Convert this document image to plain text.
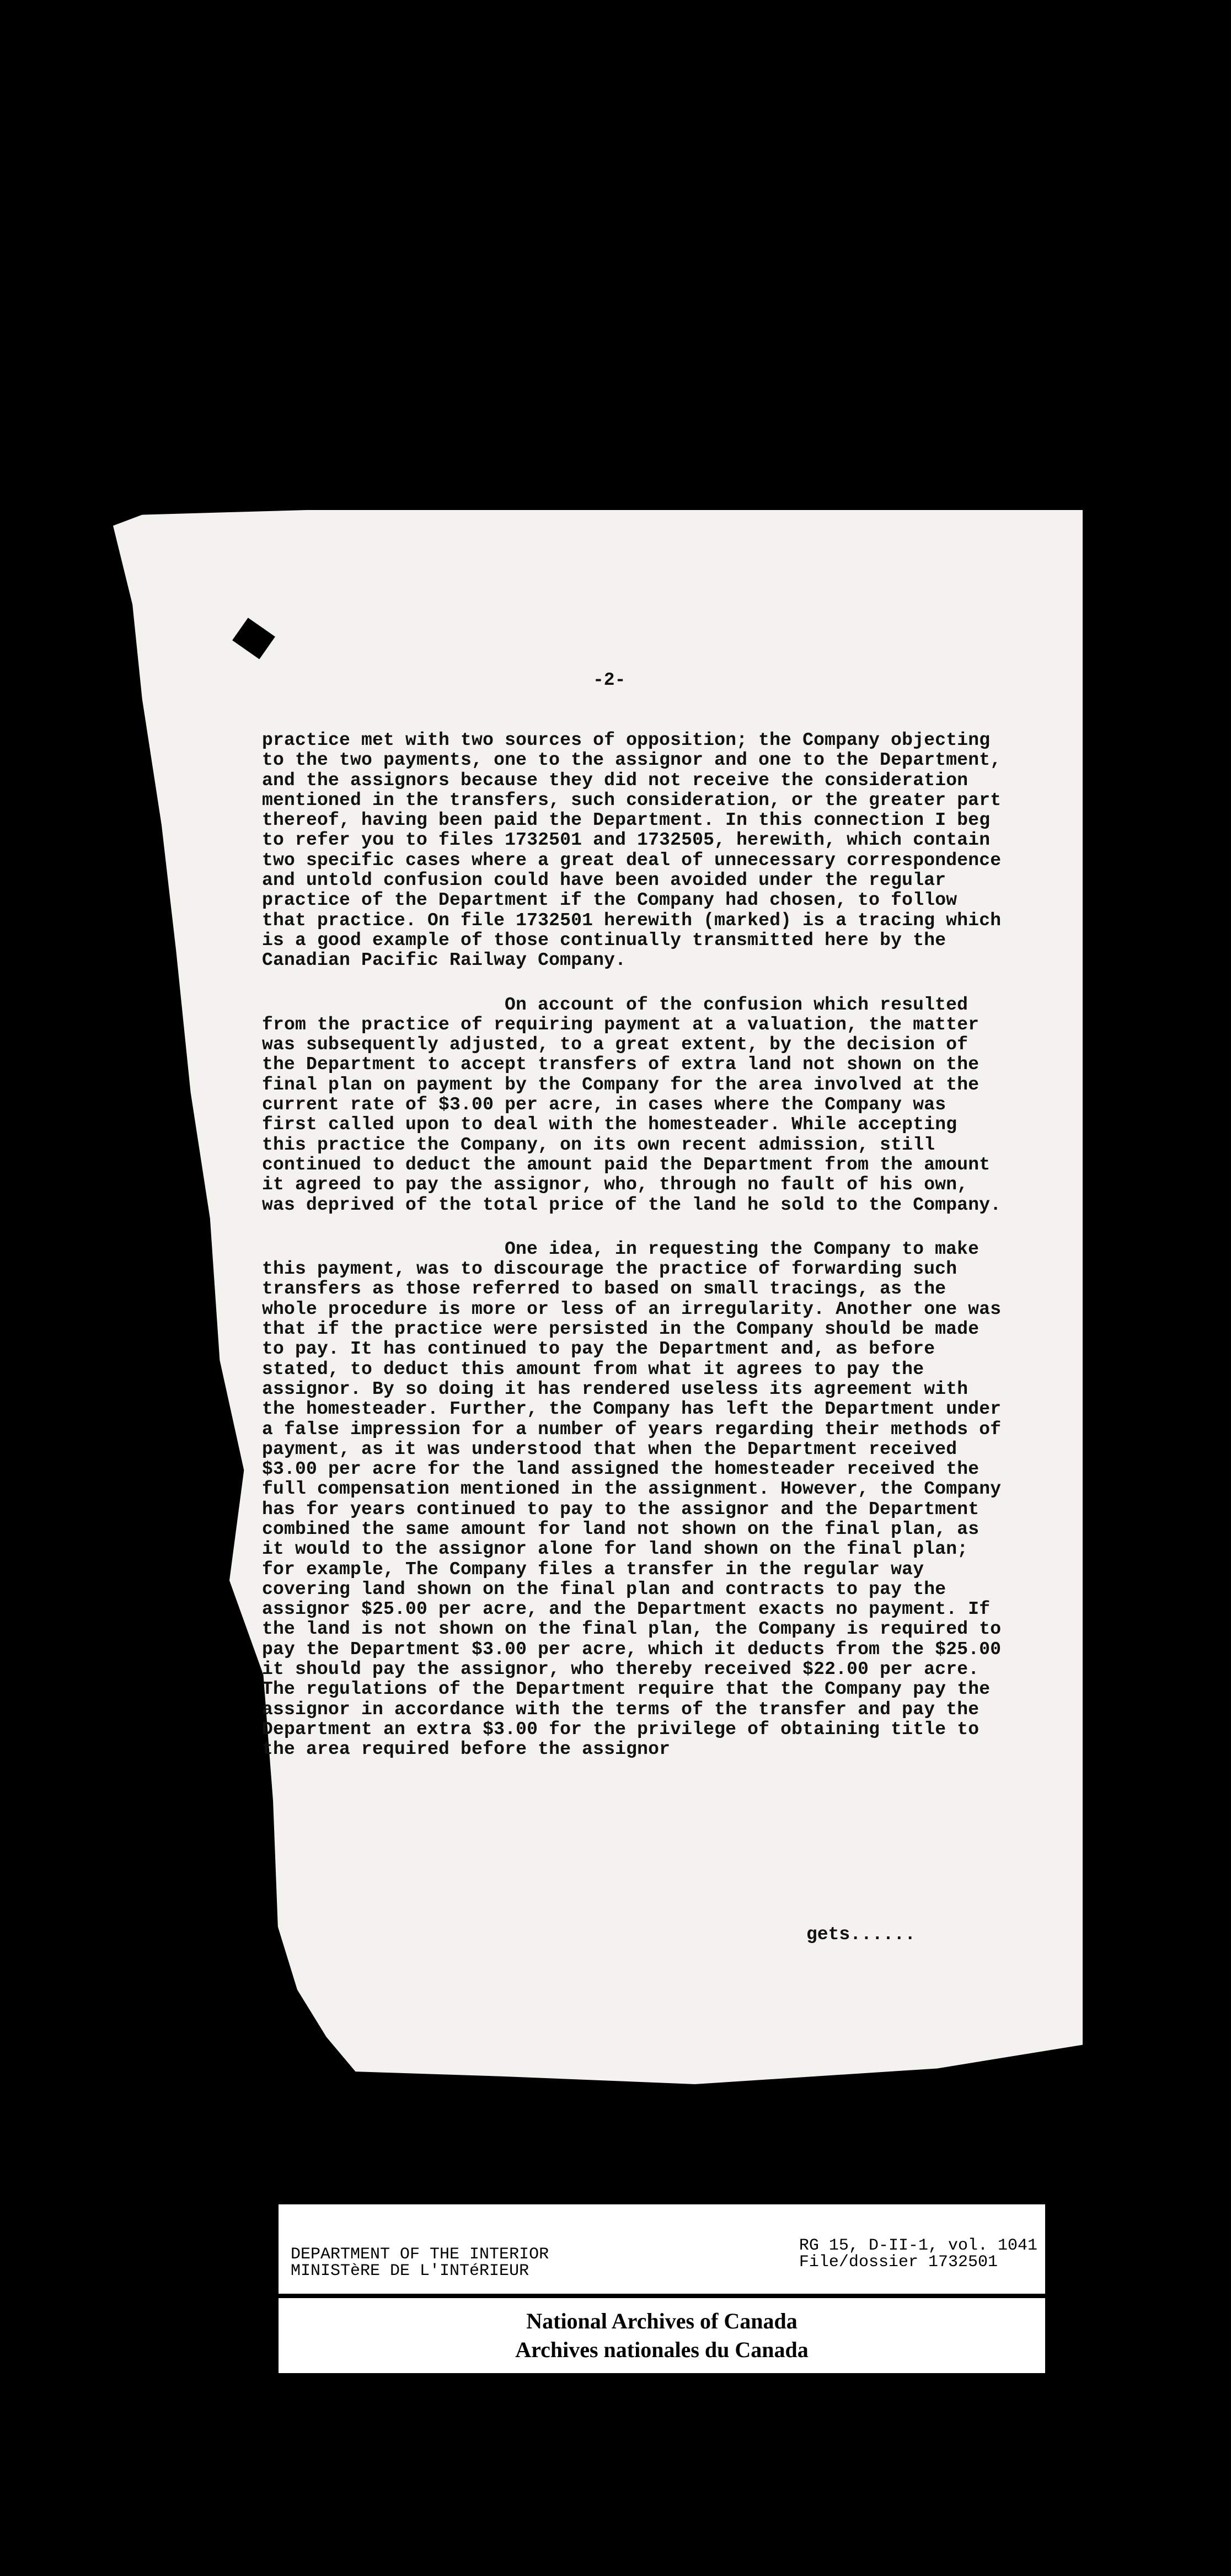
-2-

practice met with two sources of opposition; the Company objecting to the two payments, one to the assignor and one to the Department, and the assignors because they did not receive the consideration mentioned in the transfers, such consideration, or the greater part thereof, having been paid the Department. In this connection I beg to refer you to files 1732501 and 1732505, herewith, which contain two specific cases where a great deal of unnecessary correspondence and untold confusion could have been avoided under the regular practice of the Department if the Company had chosen, to follow that practice. On file 1732501 herewith (marked) is a tracing which is a good example of those continually transmitted here by the Canadian Pacific Railway Company.

On account of the confusion which resulted from the practice of requiring payment at a valuation, the matter was subsequently adjusted, to a great extent, by the decision of the Department to accept transfers of extra land not shown on the final plan on payment by the Company for the area involved at the current rate of $3.00 per acre, in cases where the Company was first called upon to deal with the homesteader. While accepting this practice the Company, on its own recent admission, still continued to deduct the amount paid the Department from the amount it agreed to pay the assignor, who, through no fault of his own, was deprived of the total price of the land he sold to the Company.

One idea, in requesting the Company to make this payment, was to discourage the practice of forwarding such transfers as those referred to based on small tracings, as the whole procedure is more or less of an irregularity. Another one was that if the practice were persisted in the Company should be made to pay. It has continued to pay the Department and, as before stated, to deduct this amount from what it agrees to pay the assignor. By so doing it has rendered useless its agreement with the homesteader. Further, the Company has left the Department under a false impression for a number of years regarding their methods of payment, as it was understood that when the Department received $3.00 per acre for the land assigned the homesteader received the full compensation mentioned in the assignment. However, the Company has for years continued to pay to the assignor and the Department combined the same amount for land not shown on the final plan, as it would to the assignor alone for land shown on the final plan; for example, The Company files a transfer in the regular way covering land shown on the final plan and contracts to pay the assignor $25.00 per acre, and the Department exacts no payment. If the land is not shown on the final plan, the Company is required to pay the Department $3.00 per acre, which it deducts from the $25.00 it should pay the assignor, who thereby received $22.00 per acre. The regulations of the Department require that the Company pay the assignor in accordance with the terms of the transfer and pay the Department an extra $3.00 for the privilege of obtaining title to the area required before the assignor

gets......
DEPARTMENT OF THE INTERIOR
MINISTèRE DE L'INTéRIEUR
RG 15, D-II-1, vol. 1041
File/dossier 1732501
National Archives of Canada
Archives nationales du Canada
